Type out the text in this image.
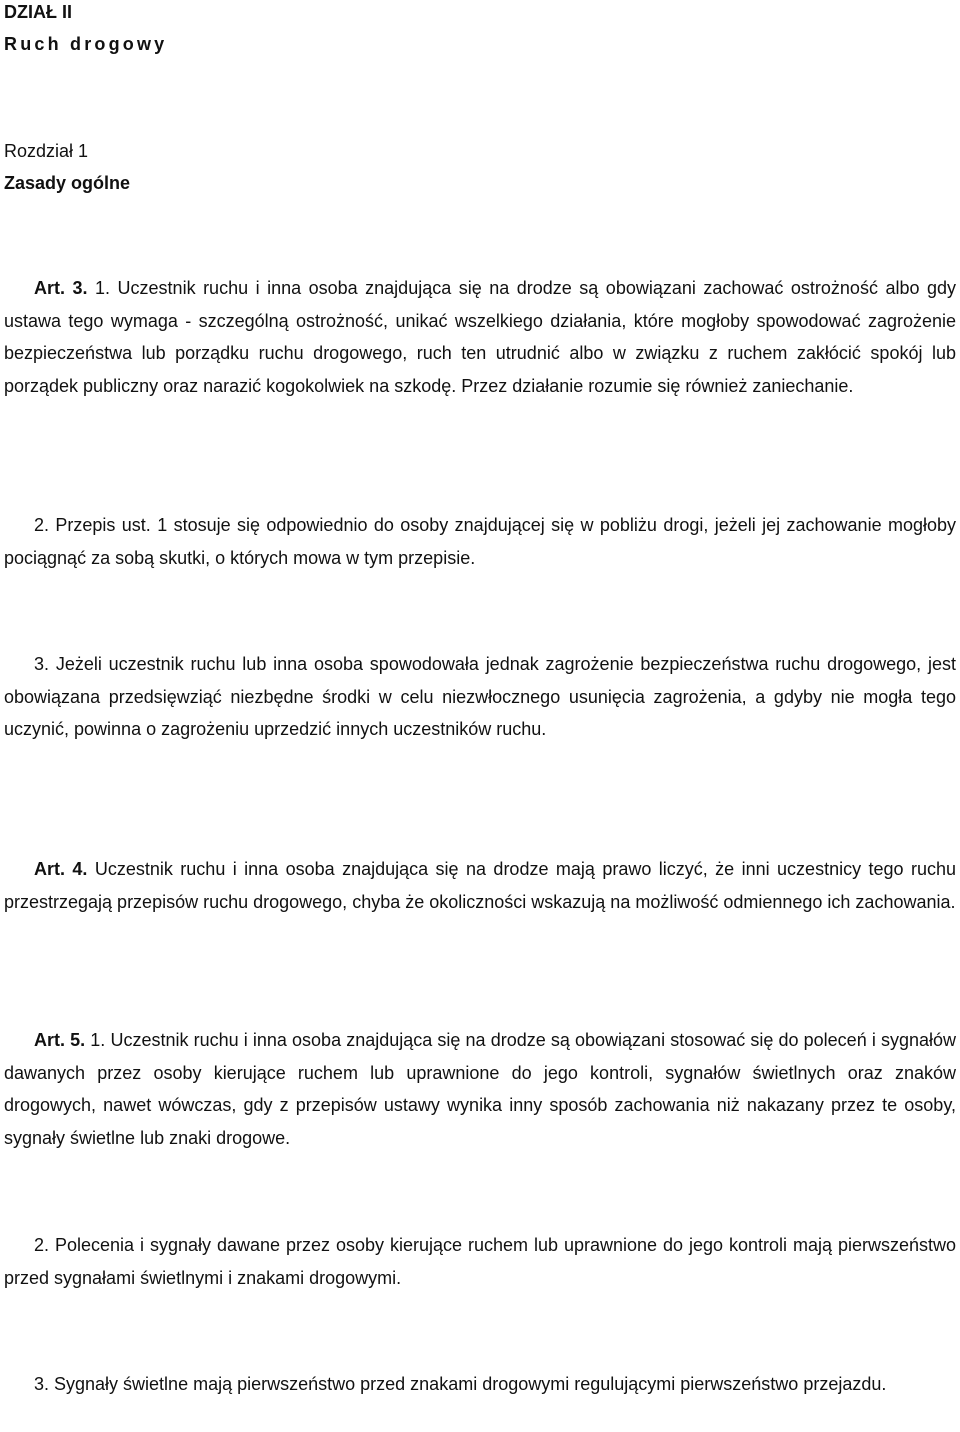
DZIAŁ II
Ruch drogowy
Rozdział 1
Zasady ogólne
Art. 3. 1. Uczestnik ruchu i inna osoba znajdująca się na drodze są obowiązani zachować ostrożność albo gdy ustawa tego wymaga - szczególną ostrożność, unikać wszelkiego działania, które mogłoby spowodować zagrożenie bezpieczeństwa lub porządku ruchu drogowego, ruch ten utrudnić albo w związku z ruchem zakłócić spokój lub porządek publiczny oraz narazić kogokolwiek na szkodę. Przez działanie rozumie się również zaniechanie.
2. Przepis ust. 1 stosuje się odpowiednio do osoby znajdującej się w pobliżu drogi, jeżeli jej zachowanie mogłoby pociągnąć za sobą skutki, o których mowa w tym przepisie.
3. Jeżeli uczestnik ruchu lub inna osoba spowodowała jednak zagrożenie bezpieczeństwa ruchu drogowego, jest obowiązana przedsięwziąć niezbędne środki w celu niezwłocznego usunięcia zagrożenia, a gdyby nie mogła tego uczynić, powinna o zagrożeniu uprzedzić innych uczestników ruchu.
Art. 4. Uczestnik ruchu i inna osoba znajdująca się na drodze mają prawo liczyć, że inni uczestnicy tego ruchu przestrzegają przepisów ruchu drogowego, chyba że okoliczności wskazują na możliwość odmiennego ich zachowania.
Art. 5. 1. Uczestnik ruchu i inna osoba znajdująca się na drodze są obowiązani stosować się do poleceń i sygnałów dawanych przez osoby kierujące ruchem lub uprawnione do jego kontroli, sygnałów świetlnych oraz znaków drogowych, nawet wówczas, gdy z przepisów ustawy wynika inny sposób zachowania niż nakazany przez te osoby, sygnały świetlne lub znaki drogowe.
2. Polecenia i sygnały dawane przez osoby kierujące ruchem lub uprawnione do jego kontroli mają pierwszeństwo przed sygnałami świetlnymi i znakami drogowymi.
3. Sygnały świetlne mają pierwszeństwo przed znakami drogowymi regulującymi pierwszeństwo przejazdu.
